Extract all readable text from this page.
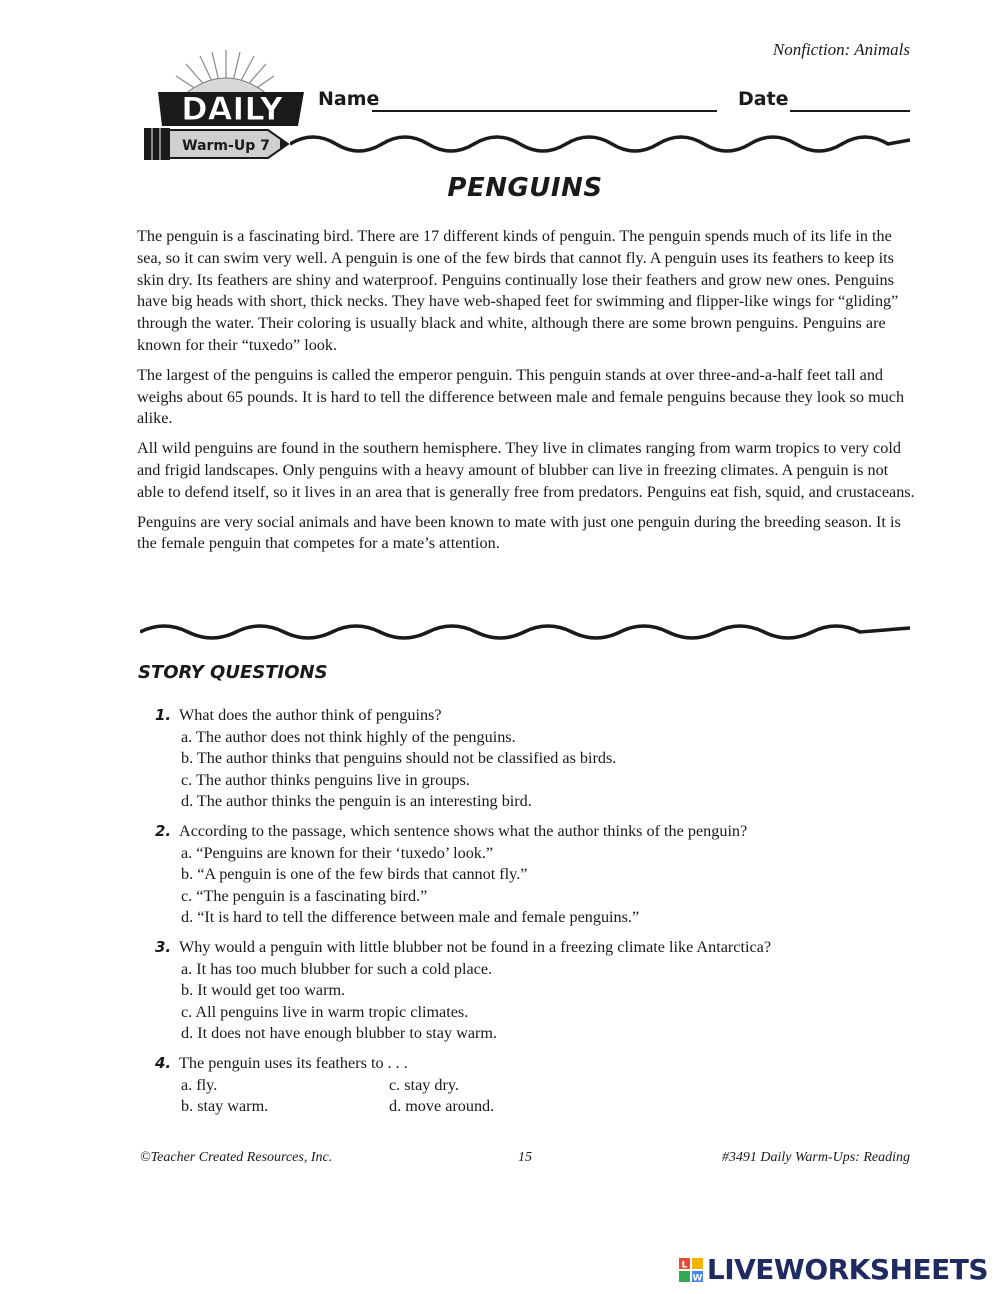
Nonfiction: Animals
DAILY
Warm-Up 7
Name	Date
PENGUINS

The penguin is a fascinating bird. There are 17 different kinds of penguin. The penguin spends much of its life in the sea, so it can swim very well. A penguin is one of the few birds that cannot fly. A penguin uses its feathers to keep its skin dry. Its feathers are shiny and waterproof. Penguins continually lose their feathers and grow new ones. Penguins have big heads with short, thick necks. They have web-shaped feet for swimming and flipper-like wings for “gliding” through the water. Their coloring is usually black and white, although there are some brown penguins. Penguins are known for their “tuxedo” look.

The largest of the penguins is called the emperor penguin. This penguin stands at over three-and-a-half feet tall and weighs about 65 pounds. It is hard to tell the difference between male and female penguins because they look so much alike.

All wild penguins are found in the southern hemisphere. They live in climates ranging from warm tropics to very cold and frigid landscapes. Only penguins with a heavy amount of blubber can live in freezing climates. A penguin is not able to defend itself, so it lives in an area that is generally free from predators. Penguins eat fish, squid, and crustaceans.

Penguins are very social animals and have been known to mate with just one penguin during the breeding season. It is the female penguin that competes for a mate’s attention.

STORY QUESTIONS
1. What does the author think of penguins?
a. The author does not think highly of the penguins.
b. The author thinks that penguins should not be classified as birds.
c. The author thinks penguins live in groups.
d. The author thinks the penguin is an interesting bird.
2. According to the passage, which sentence shows what the author thinks of the penguin?
a. “Penguins are known for their ‘tuxedo’ look.”
b. “A penguin is one of the few birds that cannot fly.”
c. “The penguin is a fascinating bird.”
d. “It is hard to tell the difference between male and female penguins.”
3. Why would a penguin with little blubber not be found in a freezing climate like Antarctica?
a. It has too much blubber for such a cold place.
b. It would get too warm.
c. All penguins live in warm tropic climates.
d. It does not have enough blubber to stay warm.
4. The penguin uses its feathers to . . .
a. fly.	c. stay dry.
b. stay warm.	d. move around.
©Teacher Created Resources, Inc.	15	#3491 Daily Warm-Ups: Reading
L
W LIVEWORKSHEETS
